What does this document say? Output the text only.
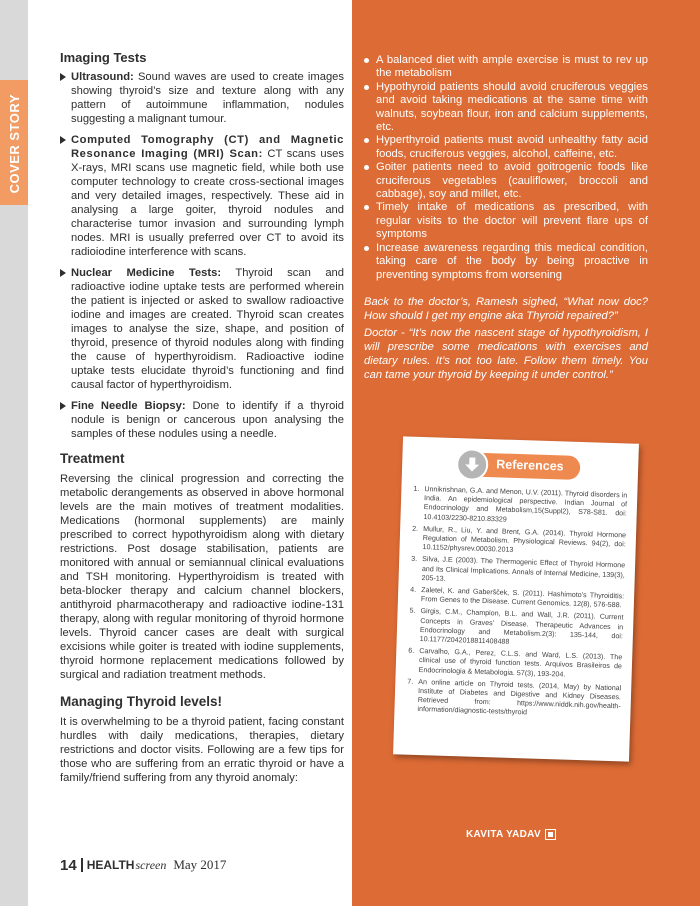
COVER STORY
Imaging Tests
Ultrasound: Sound waves are used to create images showing thyroid’s size and texture along with any pattern of autoimmune inflammation, nodules suggesting a malignant tumour.
Computed Tomography (CT) and Magnetic Resonance Imaging (MRI) Scan: CT scans uses X-rays, MRI scans use magnetic field, while both use computer technology to create cross-sectional images and very detailed images, respectively. These aid in analysing a large goiter, thyroid nodules and characterise tumor invasion and surrounding lymph nodes. MRI is usually preferred over CT to avoid its radioiodine interference with scans.
Nuclear Medicine Tests: Thyroid scan and radioactive iodine uptake tests are performed wherein the patient is injected or asked to swallow radioactive iodine and images are created. Thyroid scan creates images to analyse the size, shape, and position of thyroid, presence of thyroid nodules along with finding the cause of hyperthyroidism. Radioactive iodine uptake tests elucidate thyroid’s functioning and find causal factor of hyperthyroidism.
Fine Needle Biopsy: Done to identify if a thyroid nodule is benign or cancerous upon analysing the samples of these nodules using a needle.
Treatment
Reversing the clinical progression and correcting the metabolic derangements as observed in above hormonal levels are the main motives of treatment modalities. Medications (hormonal supplements) are mainly prescribed to correct hypothyroidism along with dietary restrictions. Post dosage stabilisation, patients are monitored with annual or semiannual clinical evaluations and TSH monitoring. Hyperthyroidism is treated with beta-blocker therapy and calcium channel blockers, antithyroid pharmacotherapy and radioactive iodine-131 therapy, along with regular monitoring of thyroid hormone levels. Thyroid cancer cases are dealt with surgical excisions while goiter is treated with iodine supplements, thyroid hormone replacement medications followed by surgical and radiation treatment methods.
Managing Thyroid levels!
It is overwhelming to be a thyroid patient, facing constant hurdles with daily medications, therapies, dietary restrictions and doctor visits. Following are a few tips for those who are suffering from an erratic thyroid or have a family/friend suffering from any thyroid anomaly:
A balanced diet with ample exercise is must to rev up the metabolism
Hypothyroid patients should avoid cruciferous veggies and avoid taking medications at the same time with walnuts, soybean flour, iron and calcium supplements, etc.
Hyperthyroid patients must avoid unhealthy fatty acid foods, cruciferous veggies, alcohol, caffeine, etc.
Goiter patients need to avoid goitrogenic foods like cruciferous vegetables (cauliflower, broccoli and cabbage), soy and millet, etc.
Timely intake of medications as prescribed, with regular visits to the doctor will prevent flare ups of symptoms
Increase awareness regarding this medical condition, taking care of the body by being proactive in preventing symptoms from worsening
Back to the doctor’s, Ramesh sighed, “What now doc? How should I get my engine aka Thyroid repaired?”
Doctor - “It’s now the nascent stage of hypothyroidism, I will prescribe some medications with exercises and dietary rules. It’s not too late. Follow them timely. You can tame your thyroid by keeping it under control.”
References
1. Unnikrishnan, G.A. and Menon, U.V. (2011). Thyroid disorders in India. An epidemiological perspective. Indian Journal of Endocrinology and Metabolism,15(Suppl2), S78-S81. doi: 10.4103/2230-8210.83329
2. Mullur, R., Liu, Y. and Brent, G.A. (2014). Thyroid Hormone Regulation of Metabolism. Physiological Reviews. 94(2), doi: 10.1152/physrev.00030.2013
3. Silva, J.E (2003). The Thermogenic Effect of Thyroid Hormone and Its Clinical Implications. Annals of Internal Medicine, 139(3), 205-13.
4. Zaletel, K. and Gaberšček, S. (2011). Hashimoto’s Thyroiditis: From Genes to the Disease. Current Genomics. 12(8), 576-588.
5. Girgis, C.M., Champion, B.L. and Wall, J.R. (2011). Current Concepts in Graves’ Disease. Therapeutic Advances in Endocrinology and Metabolism.2(3): 135-144, doi: 10.1177/2042018811408488
6. Carvalho, G.A., Perez, C.L.S. and Ward, L.S. (2013). The clinical use of thyroid function tests. Arquivos Brasileiros de Endocrinologia & Metabologia. 57(3), 193-204.
7. An online article on Thyroid tests. (2014, May) by National Institute of Diabetes and Digestive and Kidney Diseases. Retrieved from: https://www.niddk.nih.gov/health-information/diagnostic-tests/thyroid
KAVITA YADAV
14 HEALTH screen May 2017
